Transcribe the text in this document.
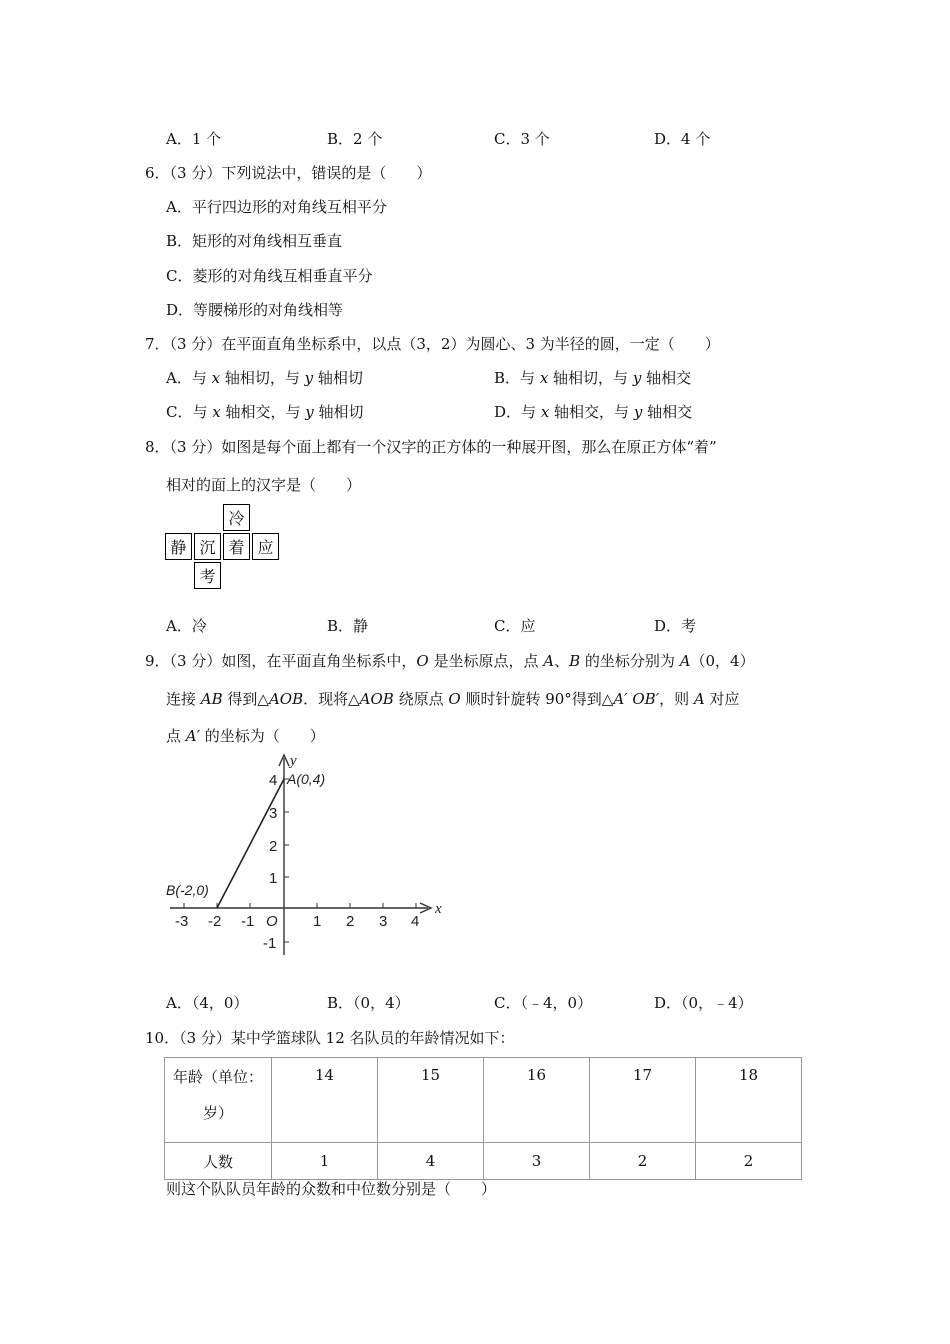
A．1 个	B．2 个	C．3 个	D．4 个
6．（3 分）下列说法中，错误的是（　　）
A．平行四边形的对角线互相平分
B．矩形的对角线相互垂直
C．菱形的对角线互相垂直平分
D．等腰梯形的对角线相等
7．（3 分）在平面直角坐标系中，以点（3，2）为圆心、3 为半径的圆，一定（　　）
A．与 x 轴相切，与 y 轴相切	B．与 x 轴相切，与 y 轴相交
C．与 x 轴相交，与 y 轴相切	D．与 x 轴相交，与 y 轴相交
8．（3 分）如图是每个面上都有一个汉字的正方体的一种展开图，那么在原正方体“着”
相对的面上的汉字是（　　）
冷
静 沉 着 应
考
A．冷	B．静	C．应	D．考
9．（3 分）如图，在平面直角坐标系中，O 是坐标原点，点 A、B 的坐标分别为 A（0，4）
连接 AB 得到△AOB．现将△AOB 绕原点 O 顺时针旋转 90°得到△A′ OB′，则 A 对应
点 A′ 的坐标为（　　）
x
y
O
-3 -2 -1	1 2 3 4
4
3
2
1
-1
A(0,4)
B(-2,0)
A．（4，0）	B．（0，4）	C．（﹣4，0）	D．（0，﹣4）
10．（3 分）某中学篮球队 12 名队员的年龄情况如下：
年龄（单位：
岁）	14	15	16	17	18
人数	1	4	3	2	2
则这个队队员年龄的众数和中位数分别是（　　）
